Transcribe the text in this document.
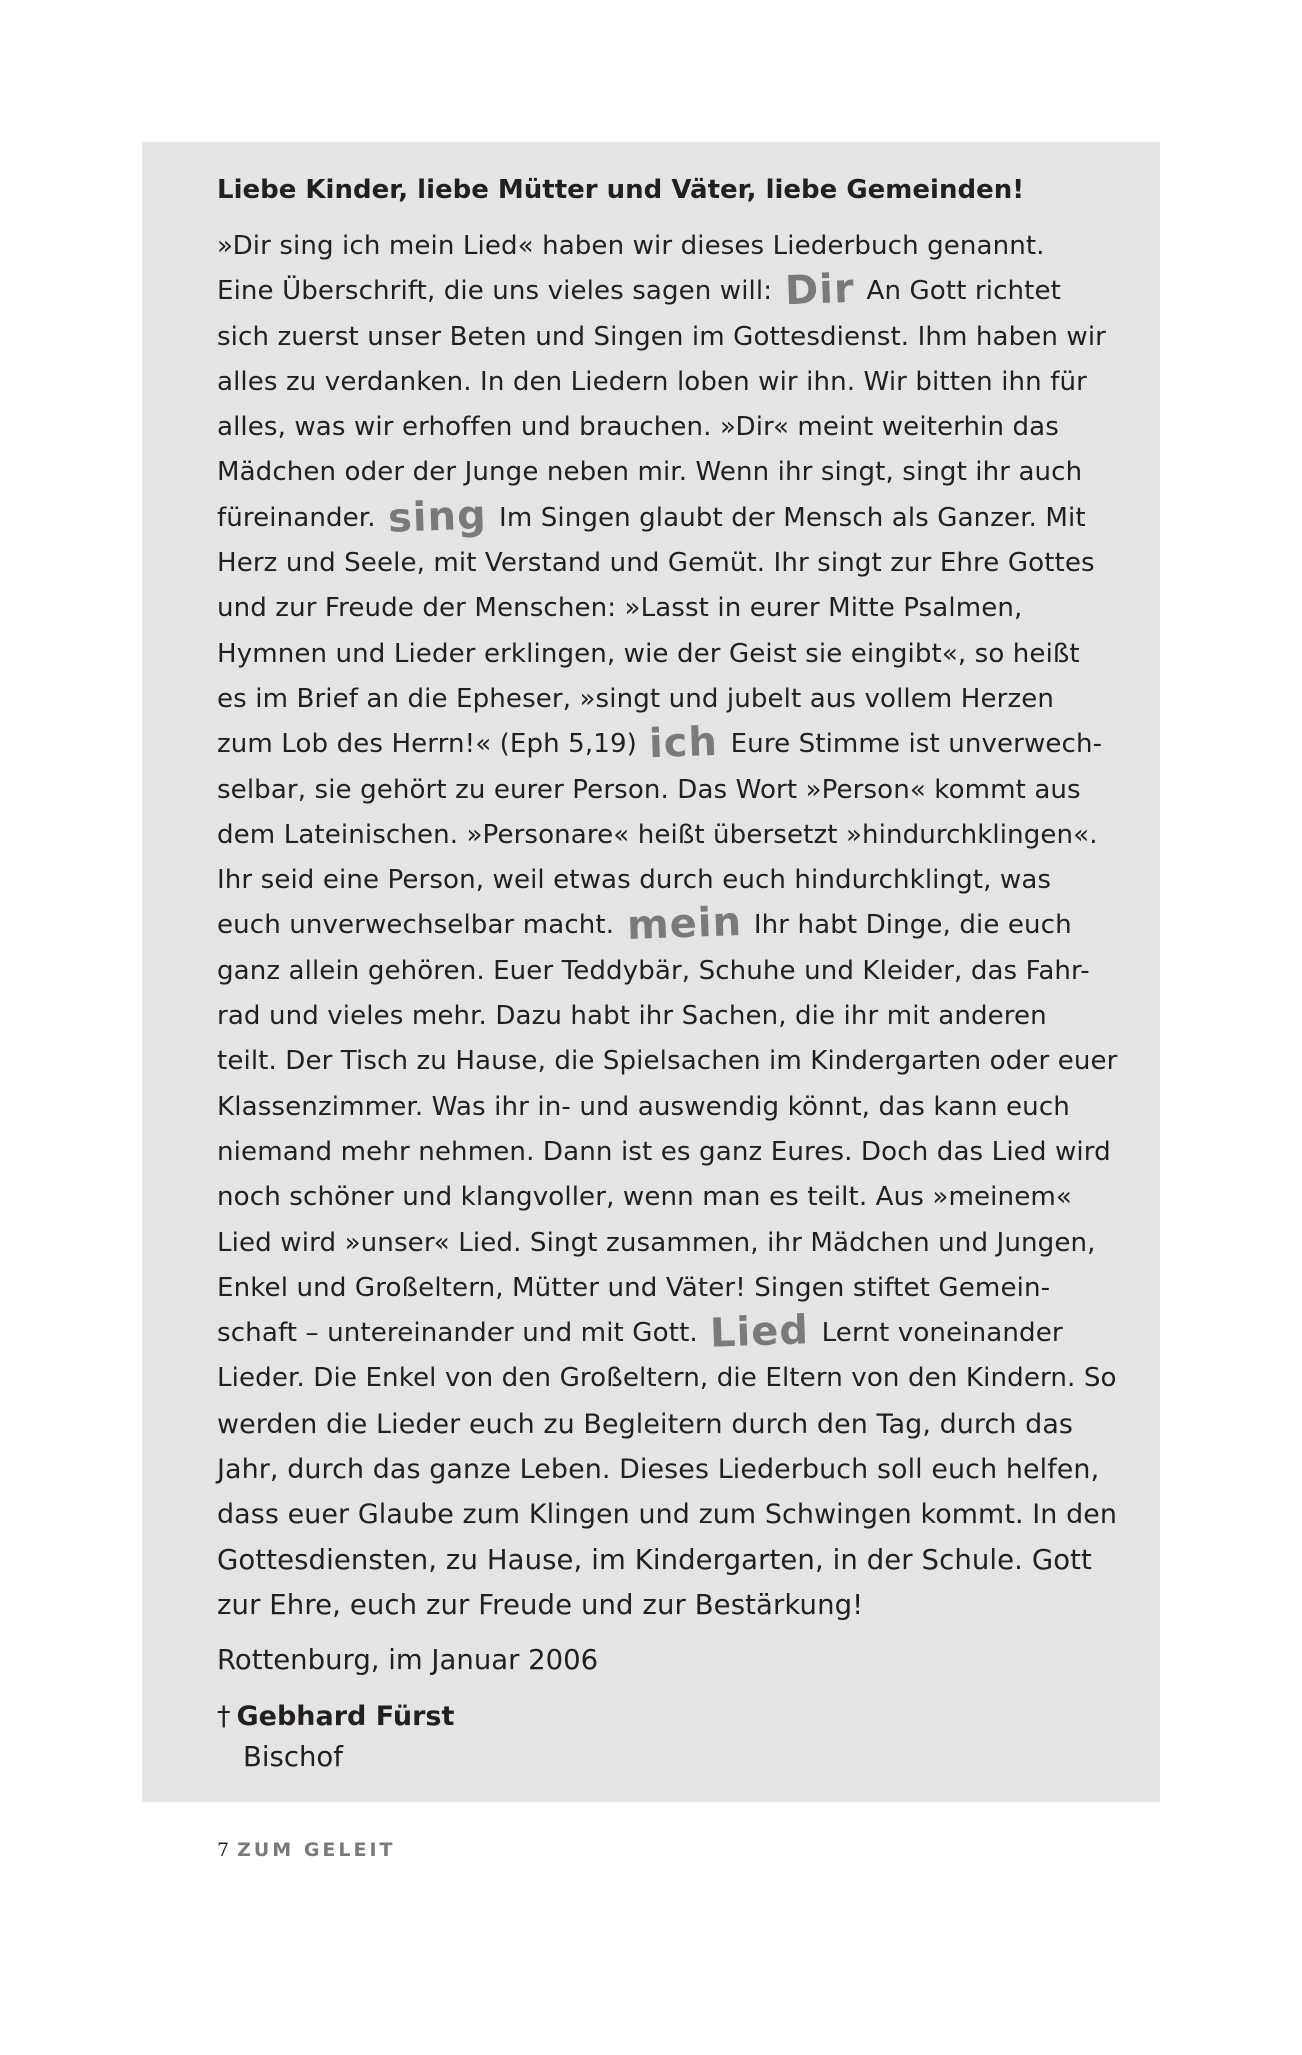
Liebe Kinder, liebe Mütter und Väter, liebe Gemeinden!

»Dir sing ich mein Lied« haben wir dieses Liederbuch genannt.
Eine Überschrift, die uns vieles sagen will: Dir An Gott richtet
sich zuerst unser Beten und Singen im Gottesdienst. Ihm haben wir
alles zu verdanken. In den Liedern loben wir ihn. Wir bitten ihn für
alles, was wir erhoffen und brauchen. »Dir« meint weiterhin das
Mädchen oder der Junge neben mir. Wenn ihr singt, singt ihr auch
füreinander. sing Im Singen glaubt der Mensch als Ganzer. Mit
Herz und Seele, mit Verstand und Gemüt. Ihr singt zur Ehre Gottes
und zur Freude der Menschen: »Lasst in eurer Mitte Psalmen,
Hymnen und Lieder erklingen, wie der Geist sie eingibt«, so heißt
es im Brief an die Epheser, »singt und jubelt aus vollem Herzen
zum Lob des Herrn!« (Eph 5,19) ich Eure Stimme ist unverwech-
selbar, sie gehört zu eurer Person. Das Wort »Person« kommt aus
dem Lateinischen. »Personare« heißt übersetzt »hindurchklingen«.
Ihr seid eine Person, weil etwas durch euch hindurchklingt, was
euch unverwechselbar macht. mein Ihr habt Dinge, die euch
ganz allein gehören. Euer Teddybär, Schuhe und Kleider, das Fahr-
rad und vieles mehr. Dazu habt ihr Sachen, die ihr mit anderen
teilt. Der Tisch zu Hause, die Spielsachen im Kindergarten oder euer
Klassenzimmer. Was ihr in- und auswendig könnt, das kann euch
niemand mehr nehmen. Dann ist es ganz Eures. Doch das Lied wird
noch schöner und klangvoller, wenn man es teilt. Aus »meinem«
Lied wird »unser« Lied. Singt zusammen, ihr Mädchen und Jungen,
Enkel und Großeltern, Mütter und Väter! Singen stiftet Gemein-
schaft – untereinander und mit Gott. Lied Lernt voneinander
Lieder. Die Enkel von den Großeltern, die Eltern von den Kindern. So
werden die Lieder euch zu Begleitern durch den Tag, durch das
Jahr, durch das ganze Leben. Dieses Liederbuch soll euch helfen,
dass euer Glaube zum Klingen und zum Schwingen kommt. In den
Gottesdiensten, zu Hause, im Kindergarten, in der Schule. Gott
zur Ehre, euch zur Freude und zur Bestärkung!

Rottenburg, im Januar 2006

† Gebhard Fürst
Bischof
7 ZUM GELEIT
